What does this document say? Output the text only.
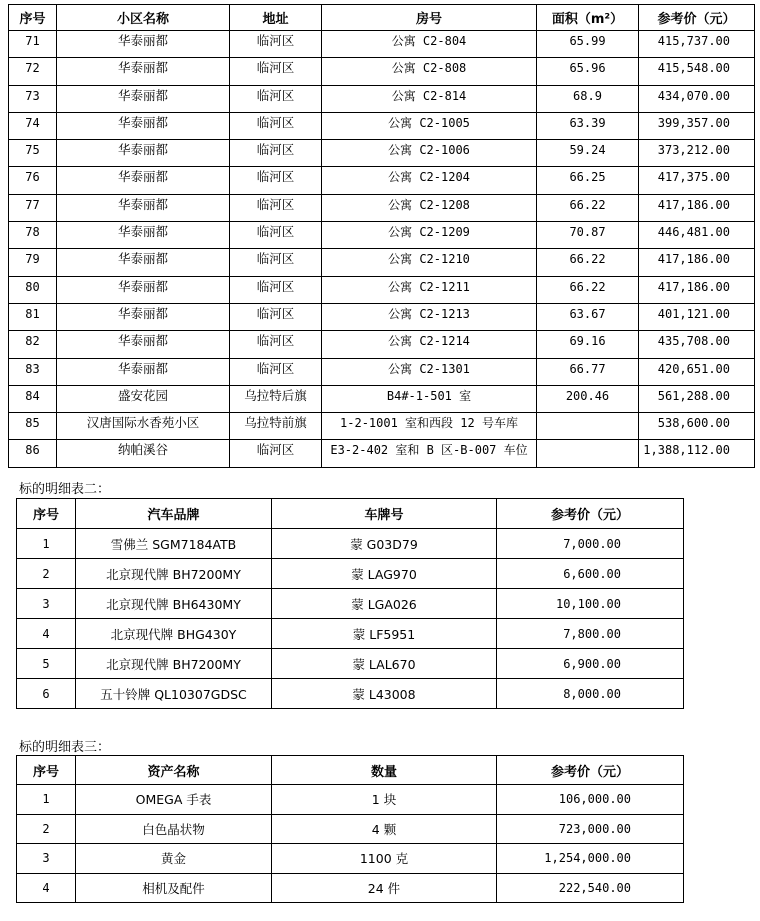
序号	小区名称	地址	房号	面积（m²）	参考价（元）
71	华泰丽都	临河区	公寓 C2-804	65.99	415,737.00
72	华泰丽都	临河区	公寓 C2-808	65.96	415,548.00
73	华泰丽都	临河区	公寓 C2-814	68.9	434,070.00
74	华泰丽都	临河区	公寓 C2-1005	63.39	399,357.00
75	华泰丽都	临河区	公寓 C2-1006	59.24	373,212.00
76	华泰丽都	临河区	公寓 C2-1204	66.25	417,375.00
77	华泰丽都	临河区	公寓 C2-1208	66.22	417,186.00
78	华泰丽都	临河区	公寓 C2-1209	70.87	446,481.00
79	华泰丽都	临河区	公寓 C2-1210	66.22	417,186.00
80	华泰丽都	临河区	公寓 C2-1211	66.22	417,186.00
81	华泰丽都	临河区	公寓 C2-1213	63.67	401,121.00
82	华泰丽都	临河区	公寓 C2-1214	69.16	435,708.00
83	华泰丽都	临河区	公寓 C2-1301	66.77	420,651.00
84	盛安花园	乌拉特后旗	B4#-1-501 室	200.46	561,288.00
85	汉唐国际水香苑小区	乌拉特前旗	1-2-1001 室和西段 12 号车库		538,600.00
86	纳帕溪谷	临河区	E3-2-402 室和 B 区-B-007 车位		1,388,112.00
标的明细表二：
序号	汽车品牌	车牌号	参考价（元）
1	雪佛兰 SGM7184ATB	蒙 G03D79	7,000.00
2	北京现代牌 BH7200MY	蒙 LAG970	6,600.00
3	北京现代牌 BH6430MY	蒙 LGA026	10,100.00
4	北京现代牌 BHG430Y	蒙 LF5951	7,800.00
5	北京现代牌 BH7200MY	蒙 LAL670	6,900.00
6	五十铃牌 QL10307GDSC	蒙 L43008	8,000.00
标的明细表三：
序号	资产名称	数量	参考价（元）
1	OMEGA 手表	1 块	106,000.00
2	白色晶状物	4 颗	723,000.00
3	黄金	1100 克	1,254,000.00
4	相机及配件	24 件	222,540.00
